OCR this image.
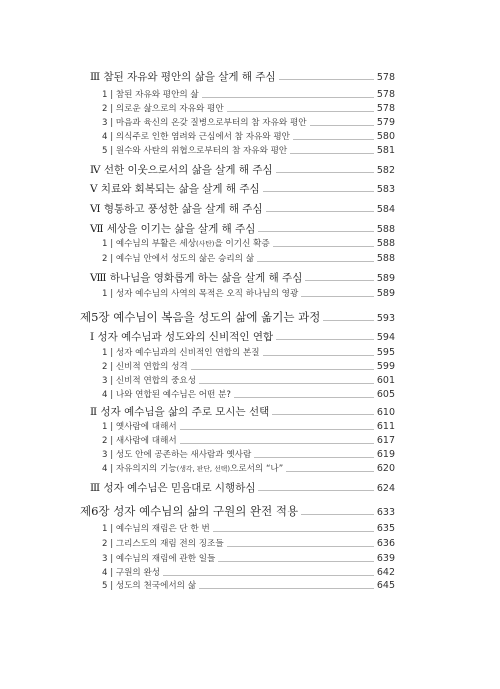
Ⅲ 참된 자유와 평안의 삶을 살게 해 주심	578
1 | 참된 자유와 평안의 삶	578
2 | 의로운 삶으로의 자유와 평안	578
3 | 마음과 육신의 온갖 질병으로부터의 참 자유와 평안	579
4 | 의식주로 인한 염려와 근심에서 참 자유와 평안	580
5 | 원수와 사탄의 위협으로부터의 참 자유와 평안	581
Ⅳ 선한 이웃으로서의 삶을 살게 해 주심	582
Ⅴ 치료와 회복되는 삶을 살게 해 주심	583
Ⅵ 형통하고 풍성한 삶을 살게 해 주심	584
Ⅶ 세상을 이기는 삶을 살게 해 주심	588
1 | 예수님의 부활은 세상(사탄)을 이기신 확증	588
2 | 예수님 안에서 성도의 삶은 승리의 삶	588
Ⅷ 하나님을 영화롭게 하는 삶을 살게 해 주심	589
1 | 성자 예수님의 사역의 목적은 오직 하나님의 영광	589
제5장 예수님이 복음을 성도의 삶에 옮기는 과정	593
Ⅰ 성자 예수님과 성도와의 신비적인 연합	594
1 | 성자 예수님과의 신비적인 연합의 본질	595
2 | 신비적 연합의 성격	599
3 | 신비적 연합의 중요성	601
4 | 나와 연합된 예수님은 어떤 분?	605
Ⅱ 성자 예수님을 삶의 주로 모시는 선택	610
1 | 옛사람에 대해서	611
2 | 새사람에 대해서	617
3 | 성도 안에 공존하는 새사람과 옛사람	619
4 | 자유의지의 기능(생각, 판단, 선택)으로서의 “나”	620
Ⅲ 성자 예수님은 믿음대로 시행하심	624
제6장 성자 예수님의 삶의 구원의 완전 적용	633
1 | 예수님의 재림은 단 한 번	635
2 | 그리스도의 재림 전의 징조들	636
3 | 예수님의 재림에 관한 일들	639
4 | 구원의 완성	642
5 | 성도의 천국에서의 삶	645
